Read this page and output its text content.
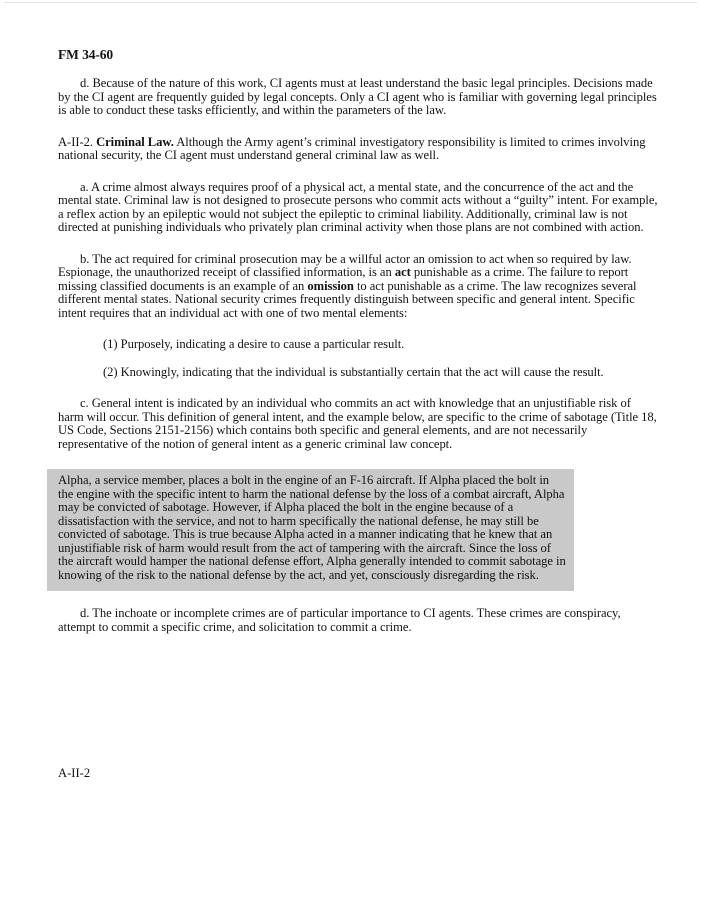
FM 34-60

d. Because of the nature of this work, CI agents must at least understand the basic legal principles. Decisions made by the CI agent are frequently guided by legal concepts. Only a CI agent who is familiar with governing legal principles is able to conduct these tasks efficiently, and within the parameters of the law.

A-II-2. Criminal Law. Although the Army agent’s criminal investigatory responsibility is limited to crimes involving national security, the CI agent must understand general criminal law as well.

a. A crime almost always requires proof of a physical act, a mental state, and the concurrence of the act and the mental state. Criminal law is not designed to prosecute persons who commit acts without a “guilty” intent. For example, a reflex action by an epileptic would not subject the epileptic to criminal liability. Additionally, criminal law is not directed at punishing individuals who privately plan criminal activity when those plans are not combined with action.

b. The act required for criminal prosecution may be a willful actor an omission to act when so required by law. Espionage, the unauthorized receipt of classified information, is an act punishable as a crime. The failure to report missing classified documents is an example of an omission to act punishable as a crime. The law recognizes several different mental states. National security crimes frequently distinguish between specific and general intent. Specific intent requires that an individual act with one of two mental elements:

(1) Purposely, indicating a desire to cause a particular result.

(2) Knowingly, indicating that the individual is substantially certain that the act will cause the result.

c. General intent is indicated by an individual who commits an act with knowledge that an unjustifiable risk of harm will occur. This definition of general intent, and the example below, are specific to the crime of sabotage (Title 18, US Code, Sections 2151-2156) which contains both specific and general elements, and are not necessarily representative of the notion of general intent as a generic criminal law concept.

Alpha, a service member, places a bolt in the engine of an F-16 aircraft. If Alpha placed the bolt in the engine with the specific intent to harm the national defense by the loss of a combat aircraft, Alpha may be convicted of sabotage. However, if Alpha placed the bolt in the engine because of a dissatisfaction with the service, and not to harm specifically the national defense, he may still be convicted of sabotage. This is true because Alpha acted in a manner indicating that he knew that an unjustifiable risk of harm would result from the act of tampering with the aircraft. Since the loss of the aircraft would hamper the national defense effort, Alpha generally intended to commit sabotage in knowing of the risk to the national defense by the act, and yet, consciously disregarding the risk.

d. The inchoate or incomplete crimes are of particular importance to CI agents. These crimes are conspiracy, attempt to commit a specific crime, and solicitation to commit a crime.

A-II-2
